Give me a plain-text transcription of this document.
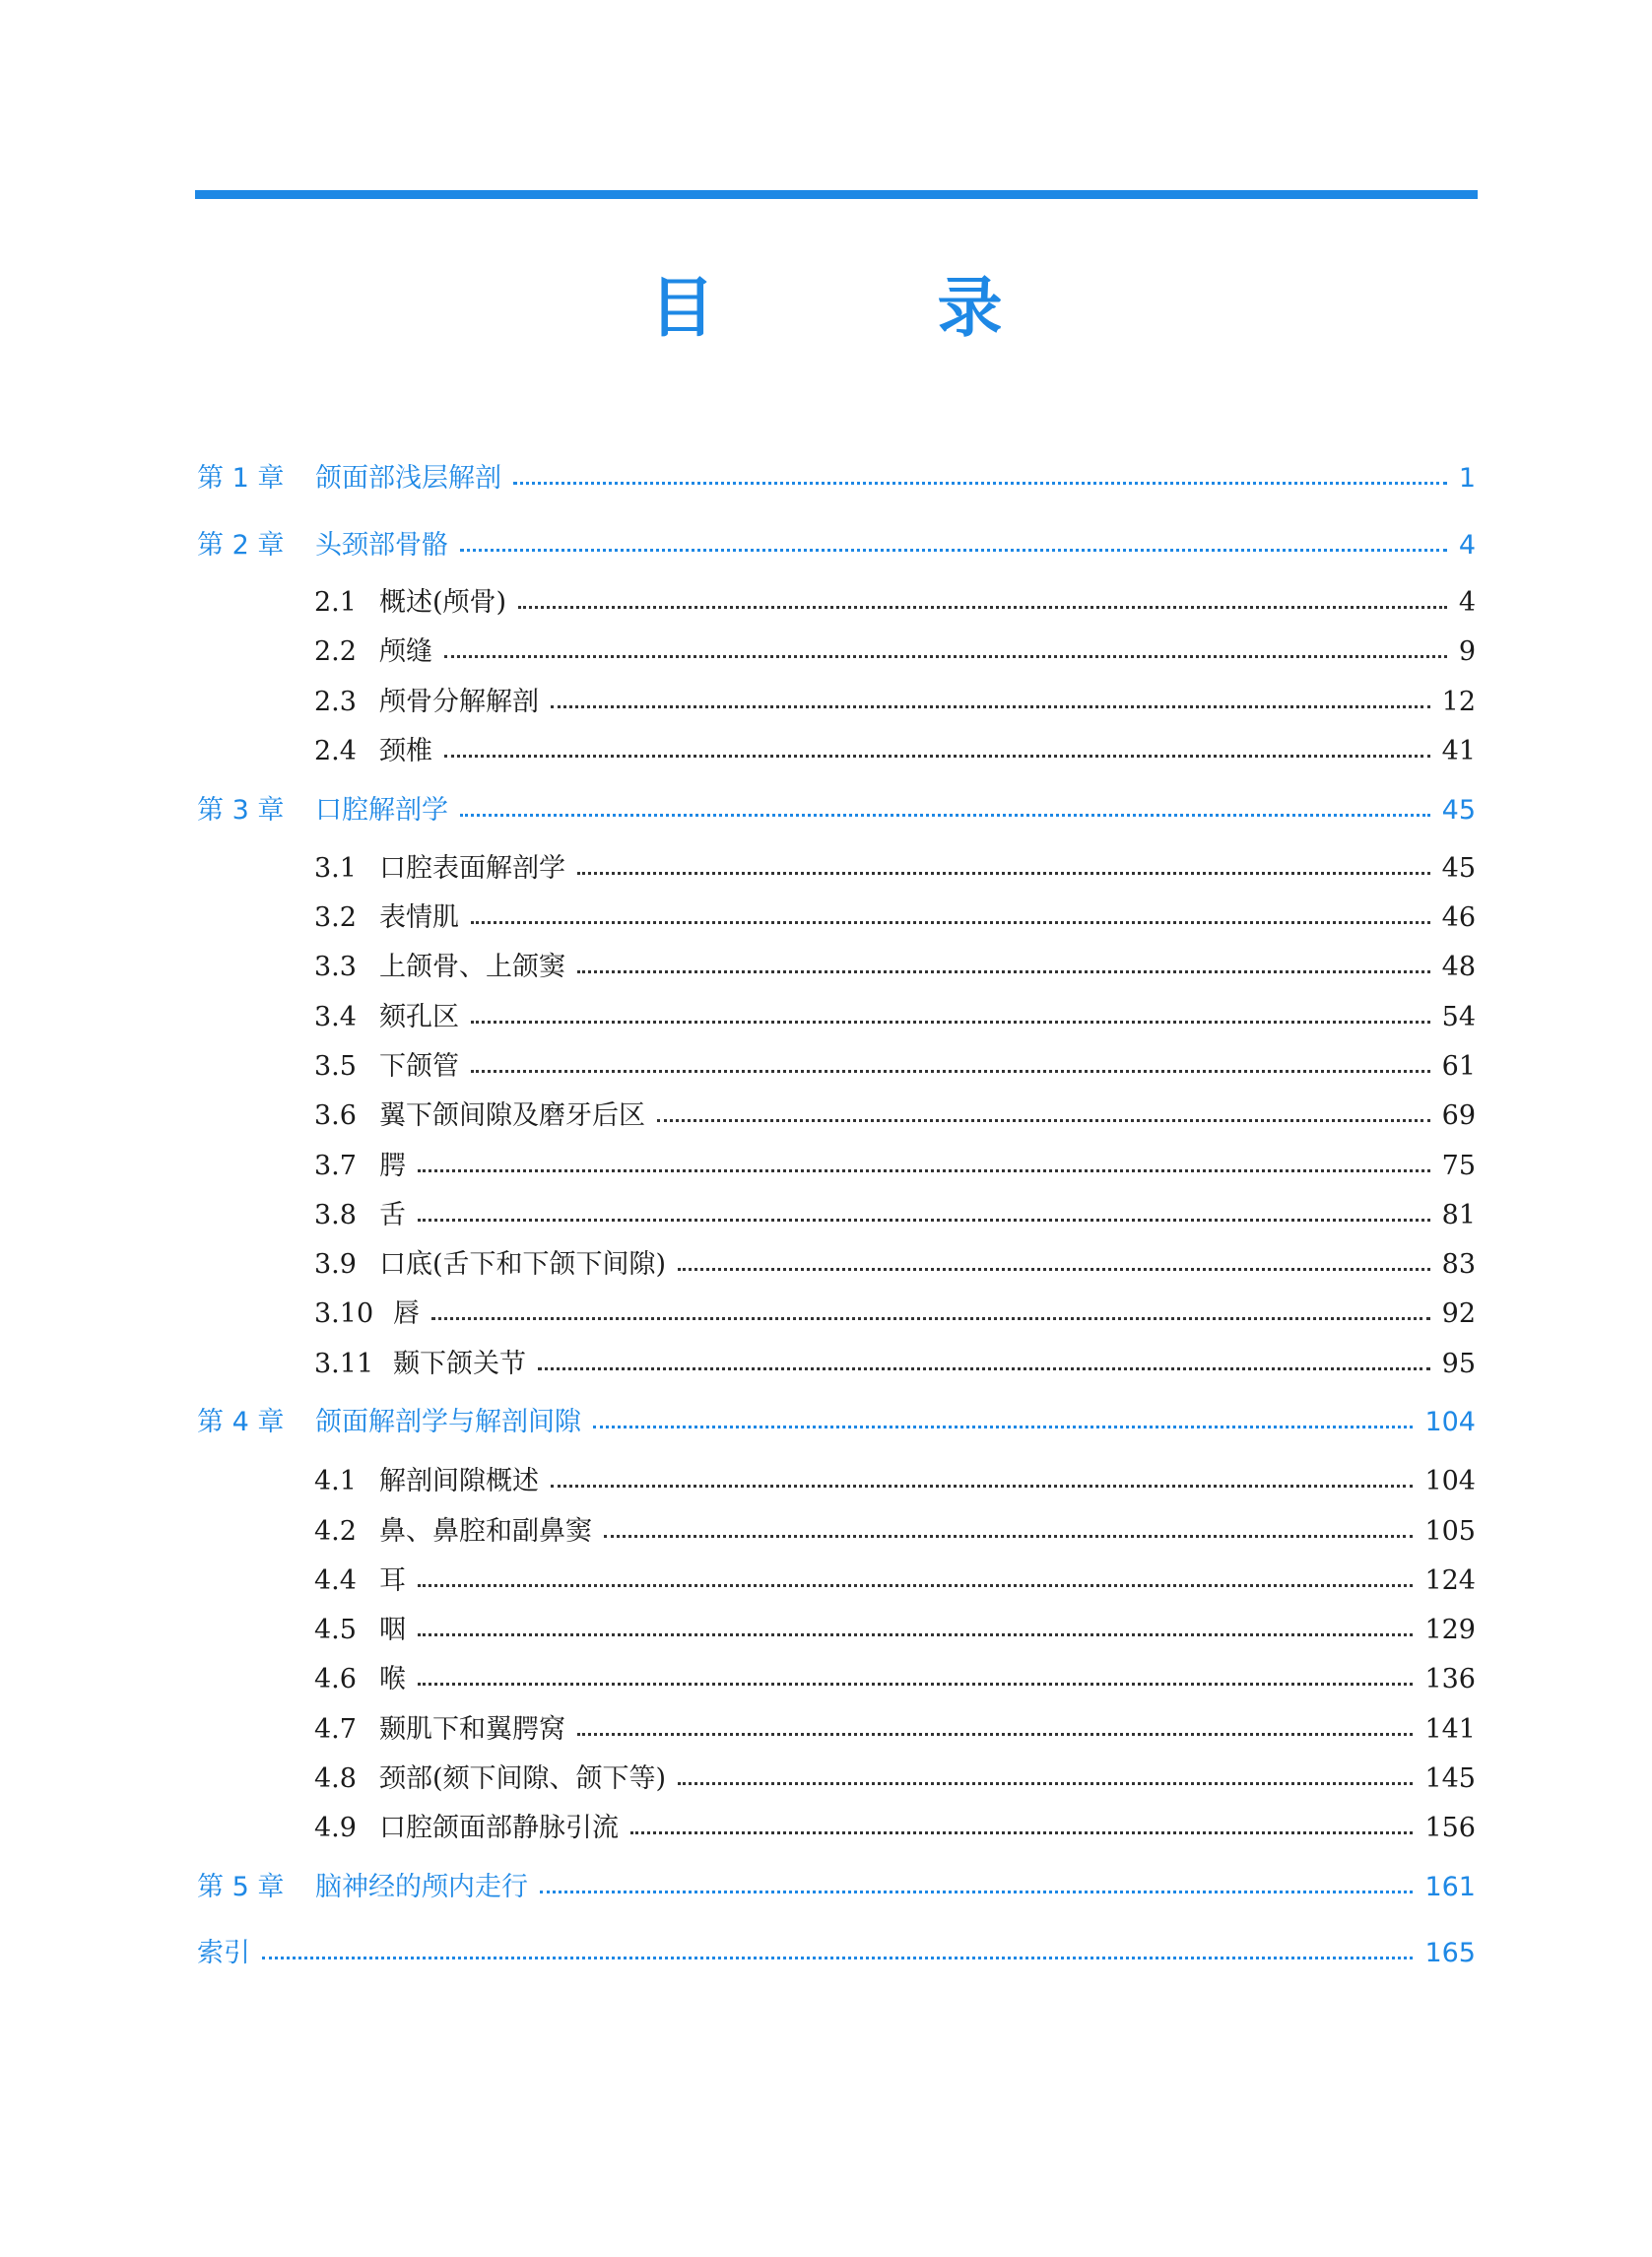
目　录
第 1 章	颌面部浅层解剖	1
第 2 章	头颈部骨骼	4
2.1 概述(颅骨)	4
2.2 颅缝	9
2.3 颅骨分解解剖	12
2.4 颈椎	41
第 3 章	口腔解剖学	45
3.1 口腔表面解剖学	45
3.2 表情肌	46
3.3 上颌骨、上颌窦	48
3.4 颏孔区	54
3.5 下颌管	61
3.6 翼下颌间隙及磨牙后区	69
3.7 腭	75
3.8 舌	81
3.9 口底(舌下和下颌下间隙)	83
3.10 唇	92
3.11 颞下颌关节	95
第 4 章	颌面解剖学与解剖间隙	104
4.1 解剖间隙概述	104
4.2 鼻、鼻腔和副鼻窦	105
4.4 耳	124
4.5 咽	129
4.6 喉	136
4.7 颞肌下和翼腭窝	141
4.8 颈部(颏下间隙、颌下等)	145
4.9 口腔颌面部静脉引流	156
第 5 章	脑神经的颅内走行	161
索引	165
